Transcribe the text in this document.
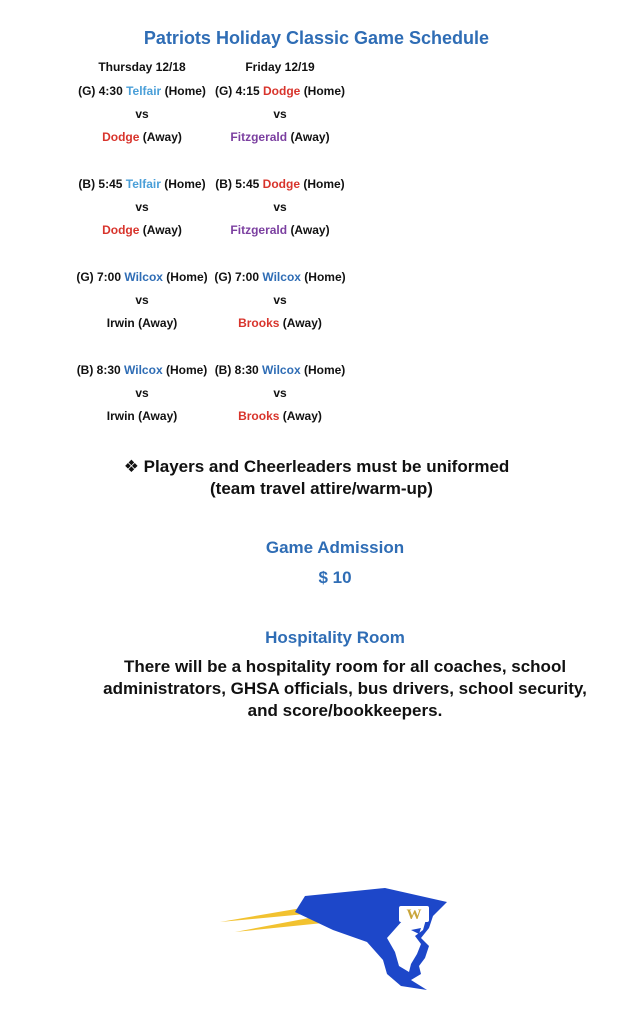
Patriots Holiday Classic Game Schedule
Thursday 12/18	Friday 12/19
(G) 4:30 Telfair (Home)
vs
Dodge (Away)
(B) 5:45 Telfair (Home)
vs
Dodge (Away)
(G) 7:00 Wilcox (Home)
vs
Irwin (Away)
(B) 8:30 Wilcox (Home)
vs
Irwin (Away)
(G) 4:15 Dodge (Home)
vs
Fitzgerald (Away)
(B) 5:45 Dodge (Home)
vs
Fitzgerald (Away)
(G) 7:00 Wilcox (Home)
vs
Brooks (Away)
(B) 8:30 Wilcox (Home)
vs
Brooks (Away)
❖ Players and Cheerleaders must be uniformed
(team travel attire/warm-up)
Game Admission
$ 10
Hospitality Room
There will be a hospitality room for all coaches, school administrators, GHSA officials, bus drivers, school security, and score/bookkeepers.
W
